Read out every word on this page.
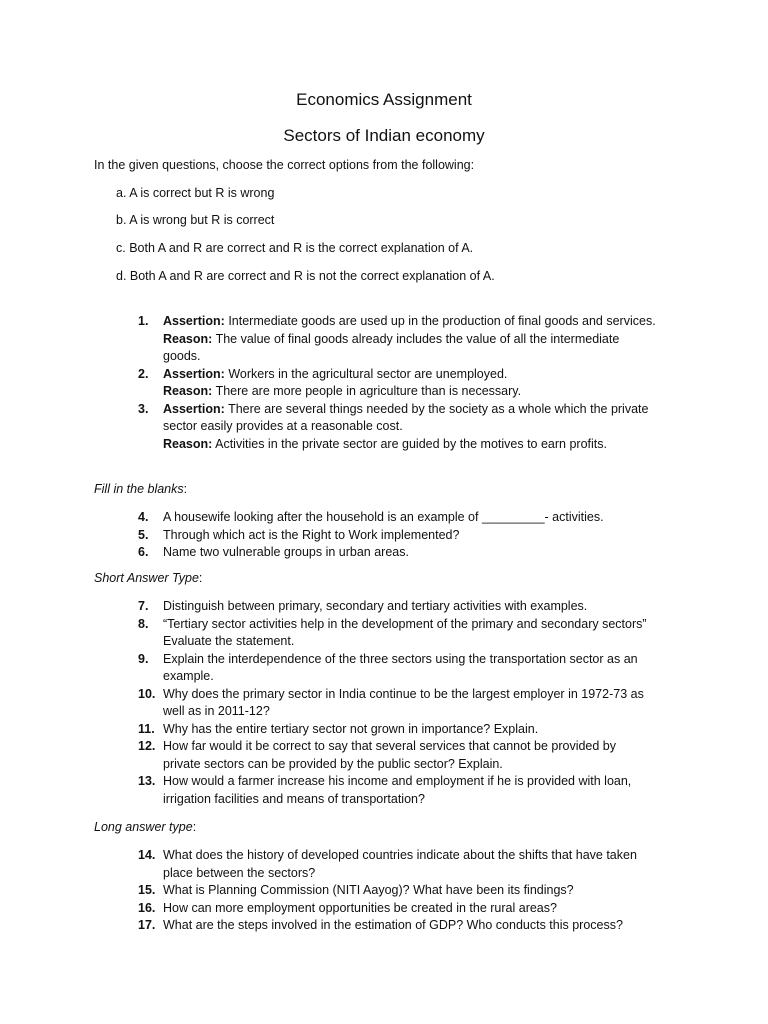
Economics Assignment
Sectors of Indian economy
In the given questions, choose the correct options from the following:
a. A is correct but R is wrong
b. A is wrong but R is correct
c. Both A and R are correct and R is the correct explanation of A.
d. Both A and R are correct and R is not the correct explanation of A.
1.	Assertion: Intermediate goods are used up in the production of final goods and services.
Reason: The value of final goods already includes the value of all the intermediate
goods.
2.	Assertion: Workers in the agricultural sector are unemployed.
Reason: There are more people in agriculture than is necessary.
3.	Assertion: There are several things needed by the society as a whole which the private
sector easily provides at a reasonable cost.
Reason: Activities in the private sector are guided by the motives to earn profits.
Fill in the blanks:
4.	A housewife looking after the household is an example of _________- activities.
5.	Through which act is the Right to Work implemented?
6.	Name two vulnerable groups in urban areas.
Short Answer Type:
7.	Distinguish between primary, secondary and tertiary activities with examples.
8.	“Tertiary sector activities help in the development of the primary and secondary sectors”
Evaluate the statement.
9.	Explain the interdependence of the three sectors using the transportation sector as an
example.
10. Why does the primary sector in India continue to be the largest employer in 1972-73 as
well as in 2011-12?
11. Why has the entire tertiary sector not grown in importance? Explain.
12. How far would it be correct to say that several services that cannot be provided by
private sectors can be provided by the public sector? Explain.
13. How would a farmer increase his income and employment if he is provided with loan,
irrigation facilities and means of transportation?
Long answer type:
14. What does the history of developed countries indicate about the shifts that have taken
place between the sectors?
15. What is Planning Commission (NITI Aayog)? What have been its findings?
16. How can more employment opportunities be created in the rural areas?
17. What are the steps involved in the estimation of GDP? Who conducts this process?
